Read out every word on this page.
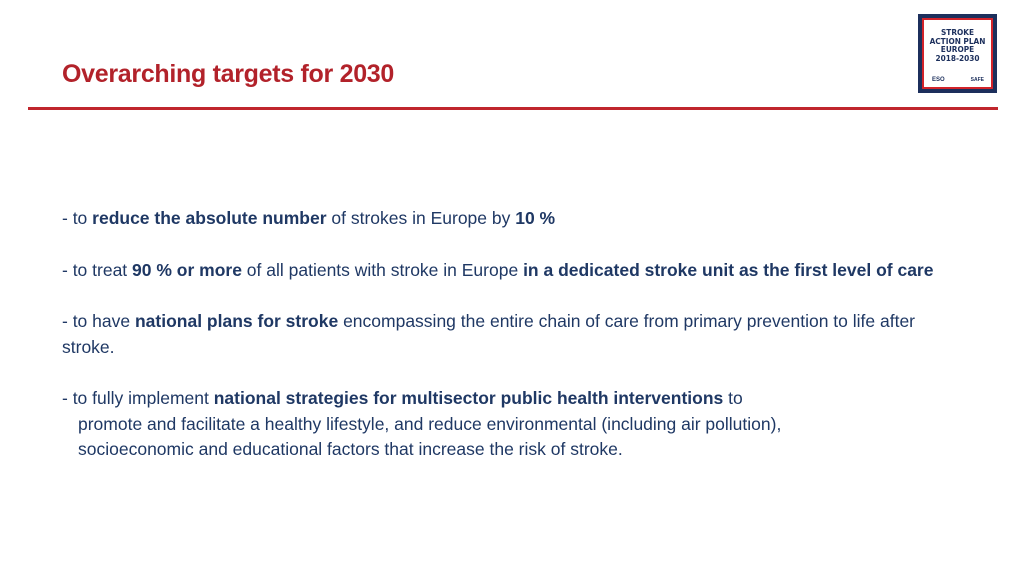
Overarching targets for 2030
STROKE
ACTION PLAN
EUROPE
2018-2030
ESO	SAFE

- to reduce the absolute number of strokes in Europe by 10 %

- to treat 90 % or more of all patients with stroke in Europe in a dedicated stroke unit as the first level of care

- to have national plans for stroke encompassing the entire chain of care from primary prevention to life after stroke.

- to fully implement national strategies for multisector public health interventions to
promote and facilitate a healthy lifestyle, and reduce environmental (including air pollution),
socioeconomic and educational factors that increase the risk of stroke.
